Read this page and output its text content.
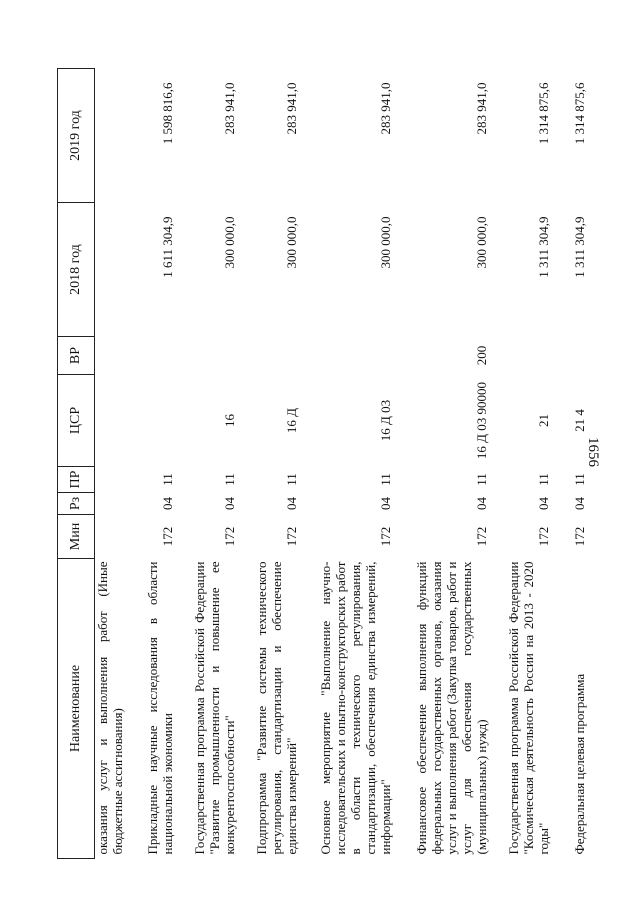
1656
Наименование	Мин	Рз	ПР	ЦСР	ВР	2018 год	2019 год
оказания услуг и выполнения работ (Иные бюджетные ассигнования)							
Прикладные научные исследования в области национальной экономики	172	04	11			1 611 304,9	1 598 816,6
Государственная программа Российской Федерации "Развитие промышленности и повышение ее конкурентоспособности"	172	04	11	16		300 000,0	283 941,0
Подпрограмма "Развитие системы технического регулирования, стандартизации и обеспечение единства измерений"	172	04	11	16 Д		300 000,0	283 941,0
Основное мероприятие "Выполнение научно-исследовательских и опытно-конструкторских работ в области технического регулирования, стандартизации, обеспечения единства измерений, информации"	172	04	11	16 Д 03		300 000,0	283 941,0
Финансовое обеспечение выполнения функций федеральных государственных органов, оказания услуг и выполнения работ (Закупка товаров, работ и услуг для обеспечения государственных (муниципальных) нужд)	172	04	11	16 Д 03 90000	200	300 000,0	283 941,0
Государственная программа Российской Федерации "Космическая деятельность России на 2013 - 2020 годы"	172	04	11	21		1 311 304,9	1 314 875,6
Федеральная целевая программа	172	04	11	21 4		1 311 304,9	1 314 875,6
